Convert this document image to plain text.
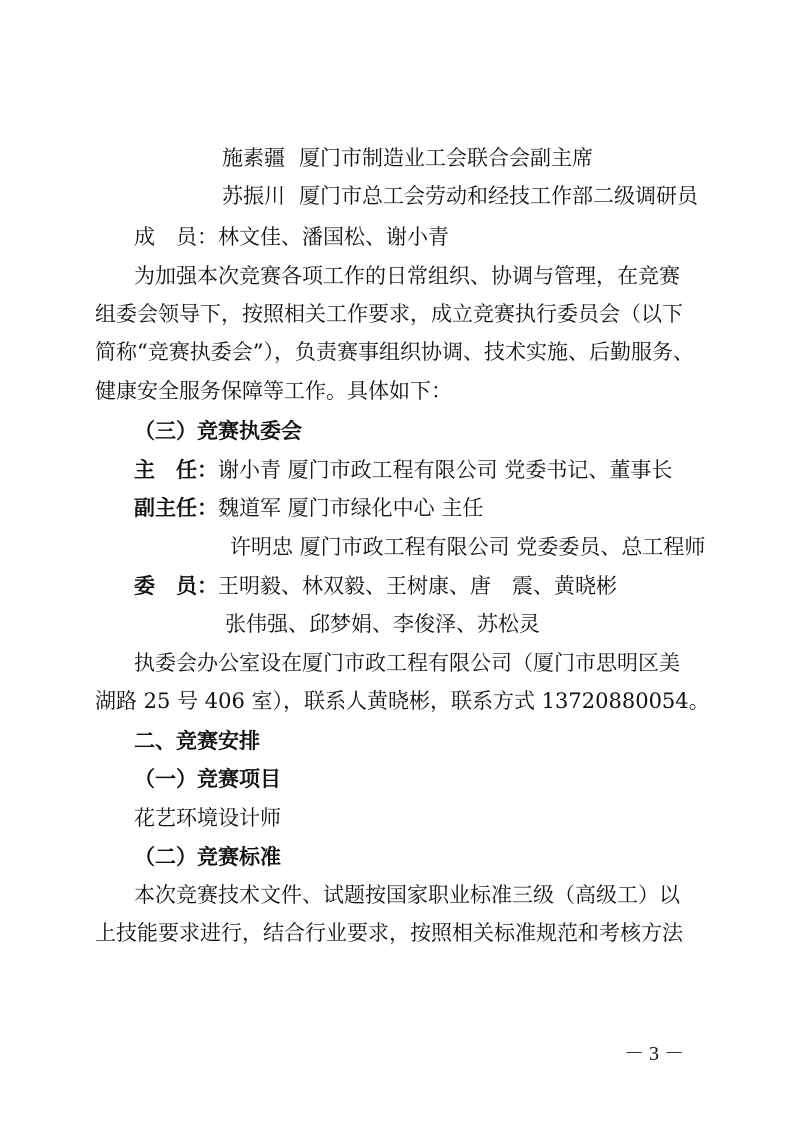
施素疆 厦门市制造业工会联合会副主席
苏振川 厦门市总工会劳动和经技工作部二级调研员
成　员：林文佳、潘国松、谢小青
为加强本次竞赛各项工作的日常组织、协调与管理，在竞赛
组委会领导下，按照相关工作要求，成立竞赛执行委员会（以下
简称“竞赛执委会”），负责赛事组织协调、技术实施、后勤服务、
健康安全服务保障等工作。具体如下：
（三）竞赛执委会
主　任：谢小青 厦门市政工程有限公司 党委书记、董事长
副主任：魏道军 厦门市绿化中心 主任
许明忠 厦门市政工程有限公司 党委委员、总工程师
委　员：王明毅、林双毅、王树康、唐　震、黄晓彬
张伟强、邱梦娟、李俊泽、苏松灵
执委会办公室设在厦门市政工程有限公司（厦门市思明区美
湖路 25 号 406 室），联系人黄晓彬，联系方式 13720880054。
二、竞赛安排
（一）竞赛项目
花艺环境设计师
（二）竞赛标准
本次竞赛技术文件、试题按国家职业标准三级（高级工）以
上技能要求进行，结合行业要求，按照相关标准规范和考核方法
－ 3 －
